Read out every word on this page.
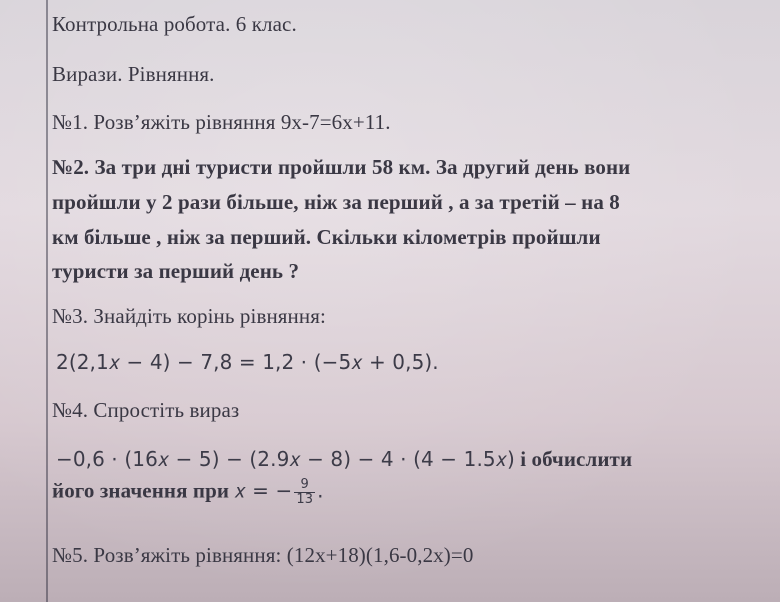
Контрольна робота. 6 клас.
Вирази. Рівняння.
№1. Розв’яжіть рівняння 9х-7=6х+11.
№2. За три дні туристи пройшли 58 км. За другий день вони
пройшли у 2 рази більше, ніж за перший , а за третій – на 8
км більше , ніж за перший. Скільки кілометрів пройшли
туристи за перший день ?
№3. Знайдіть корінь рівняння:
2(2,1𝑥 − 4) − 7,8 = 1,2 ⋅ (−5𝑥 + 0,5).
№4. Спростіть вираз
−0,6 ⋅ (16𝑥 − 5) − (2.9𝑥 − 8) − 4 ⋅ (4 − 1.5𝑥) і обчислити
його значення при 𝑥 = − $\frac{9}{13}$ .
№5. Розв’яжіть рівняння: (12х+18)(1,6-0,2х)=0
